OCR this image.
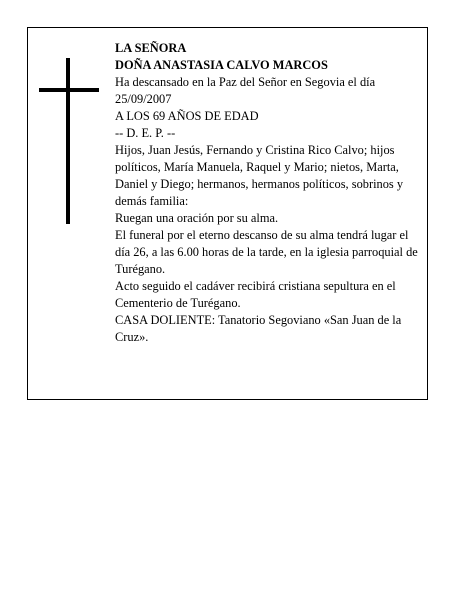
LA SEÑORA

DOÑA ANASTASIA CALVO MARCOS

Ha descansado en la Paz del Señor en Segovia el día 25/09/2007

A LOS 69 AÑOS DE EDAD

-- D. E. P. --

Hijos, Juan Jesús, Fernando y Cristina Rico Calvo; hijos políticos, María Manuela, Raquel y Mario; nietos, Marta, Daniel y Diego; hermanos, hermanos políticos, sobrinos y demás familia:

Ruegan una oración por su alma.

El funeral por el eterno descanso de su alma tendrá lugar el día 26, a las 6.00 horas de la tarde, en la iglesia parroquial de Turégano.

Acto seguido el cadáver recibirá cristiana sepultura en el Cementerio de Turégano.

CASA DOLIENTE: Tanatorio Segoviano «San Juan de la Cruz».
